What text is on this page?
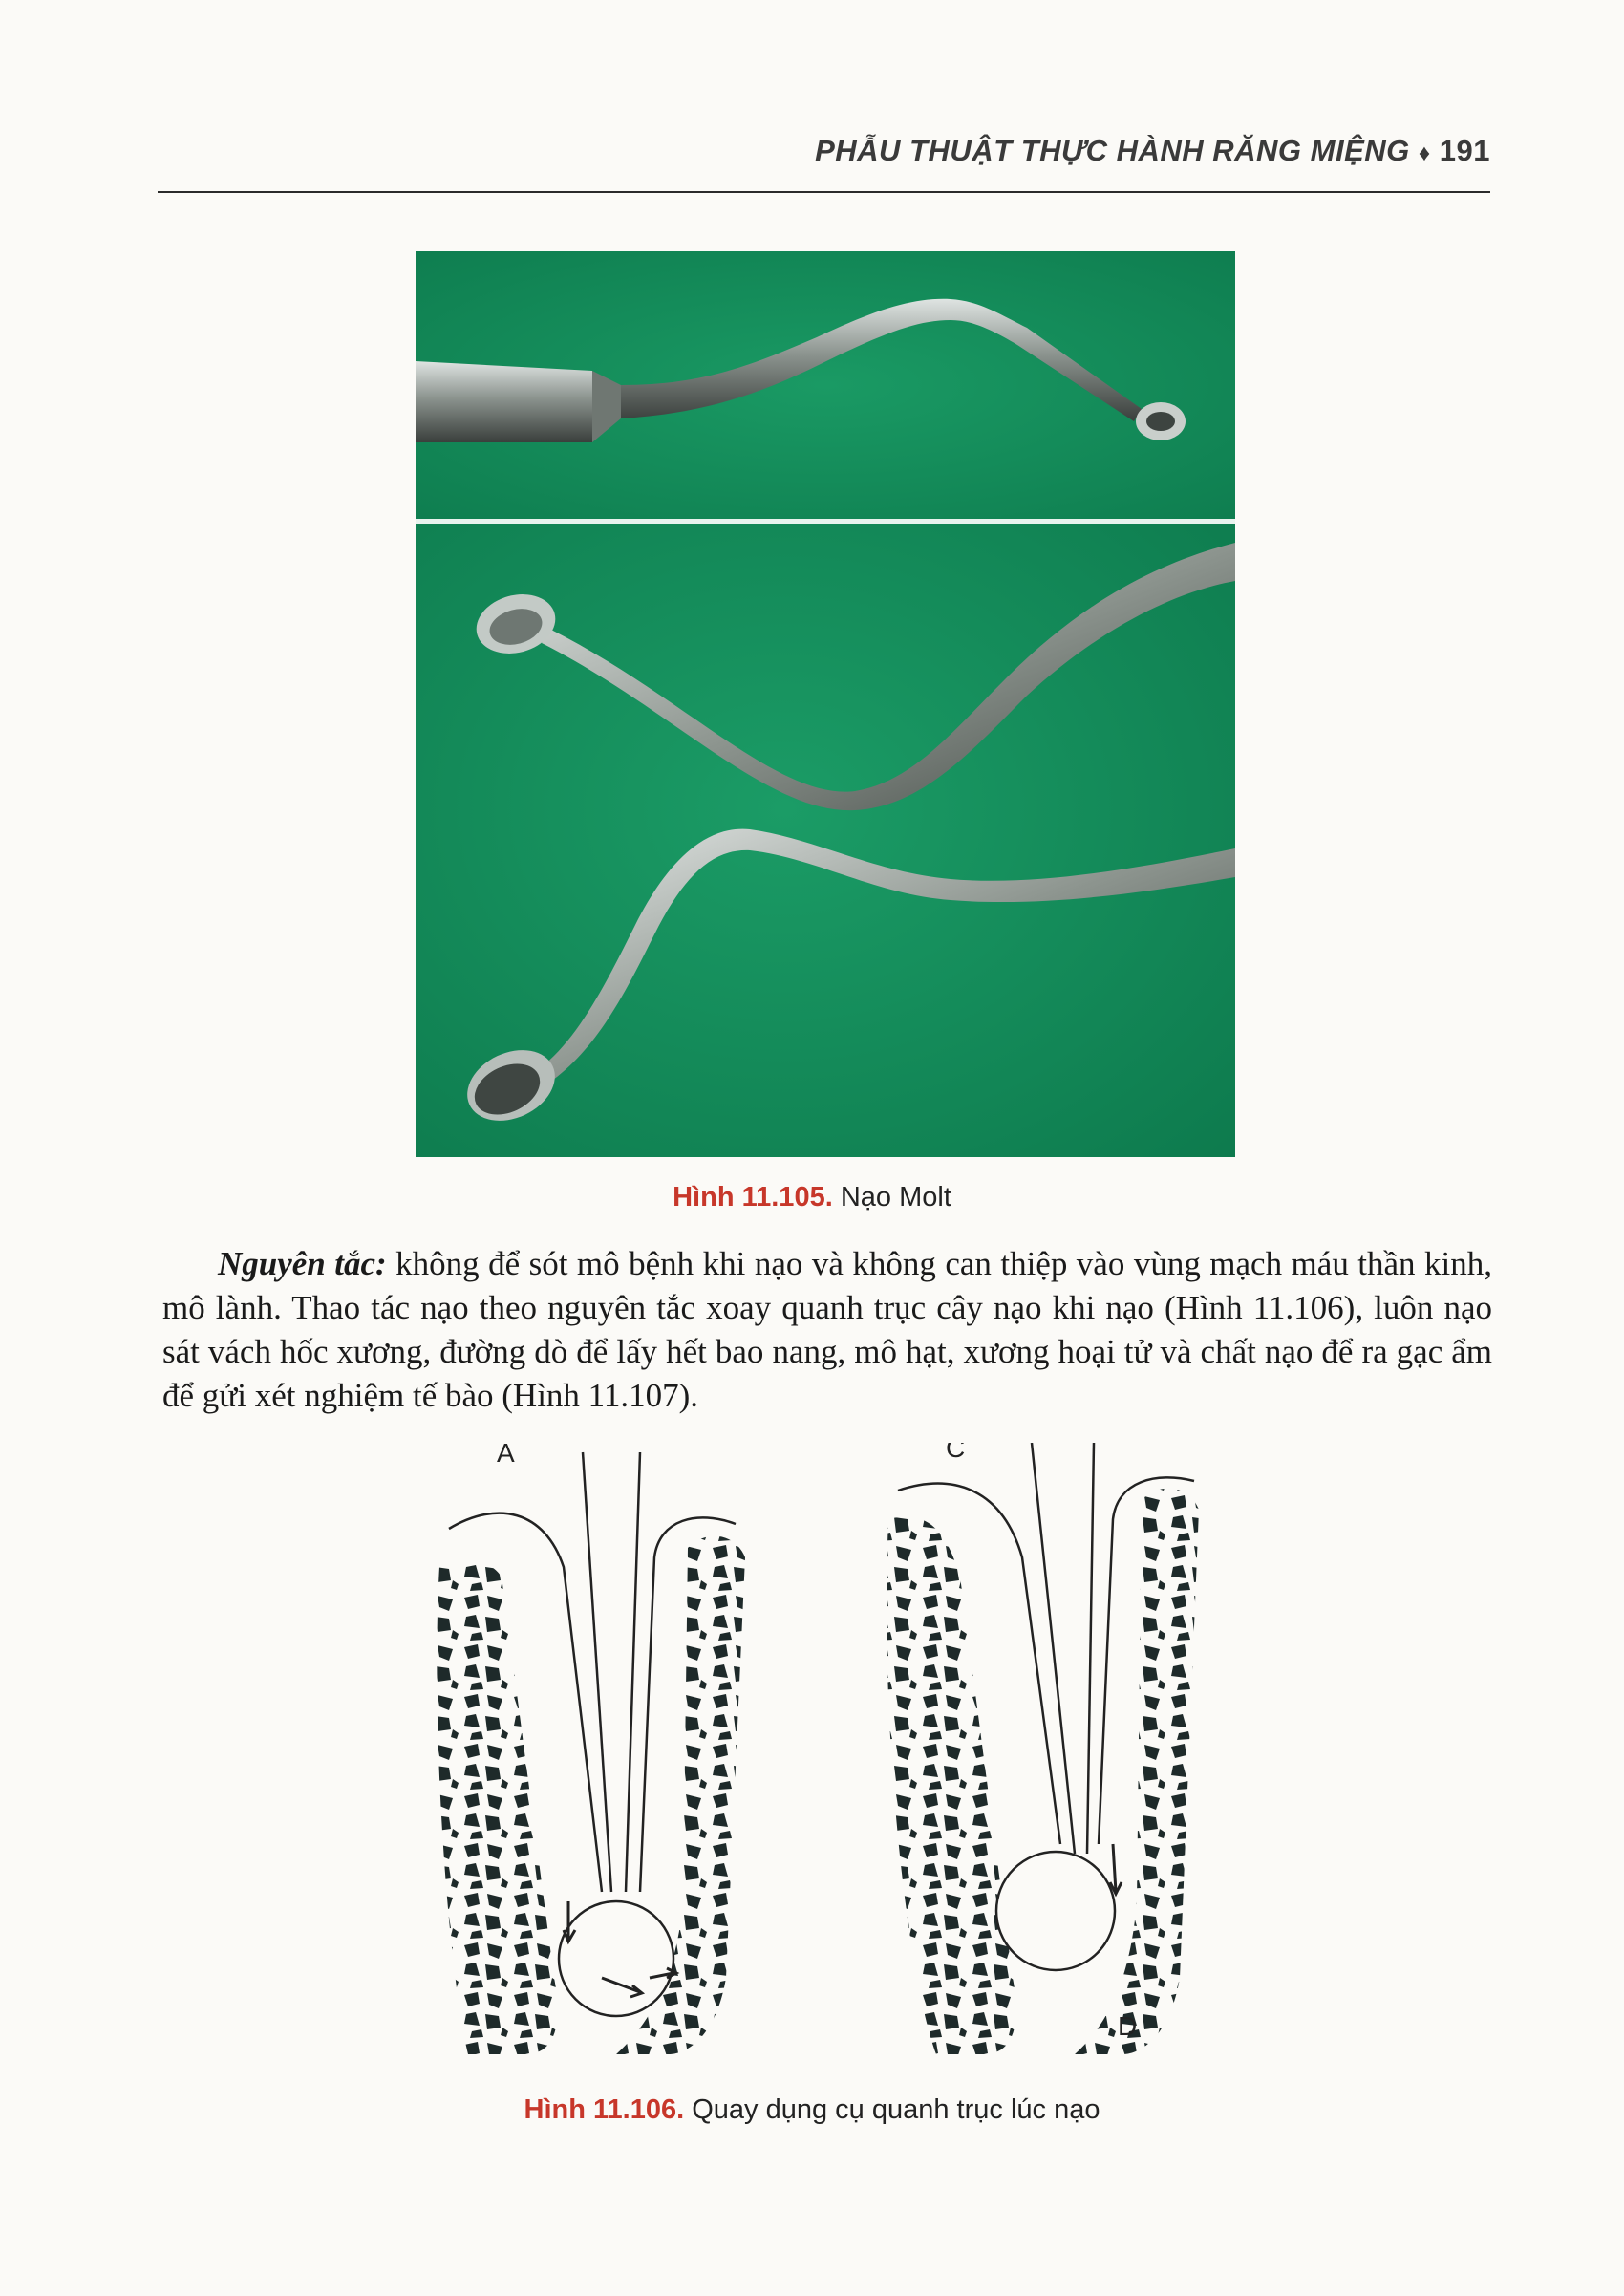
PHẪU THUẬT THỰC HÀNH RĂNG MIỆNG ♦ 191
Hình 11.105. Nạo Molt

Nguyên tắc: không để sót mô bệnh khi nạo và không can thiệp vào vùng mạch máu thần kinh, mô lành. Thao tác nạo theo nguyên tắc xoay quanh trục cây nạo khi nạo (Hình 11.106), luôn nạo sát vách hốc xương, đường dò để lấy hết bao nang, mô hạt, xương hoại tử và chất nạo để ra gạc ẩm để gửi xét nghiệm tế bào (Hình 11.107).

A	C
D
Hình 11.106. Quay dụng cụ quanh trục lúc nạo
